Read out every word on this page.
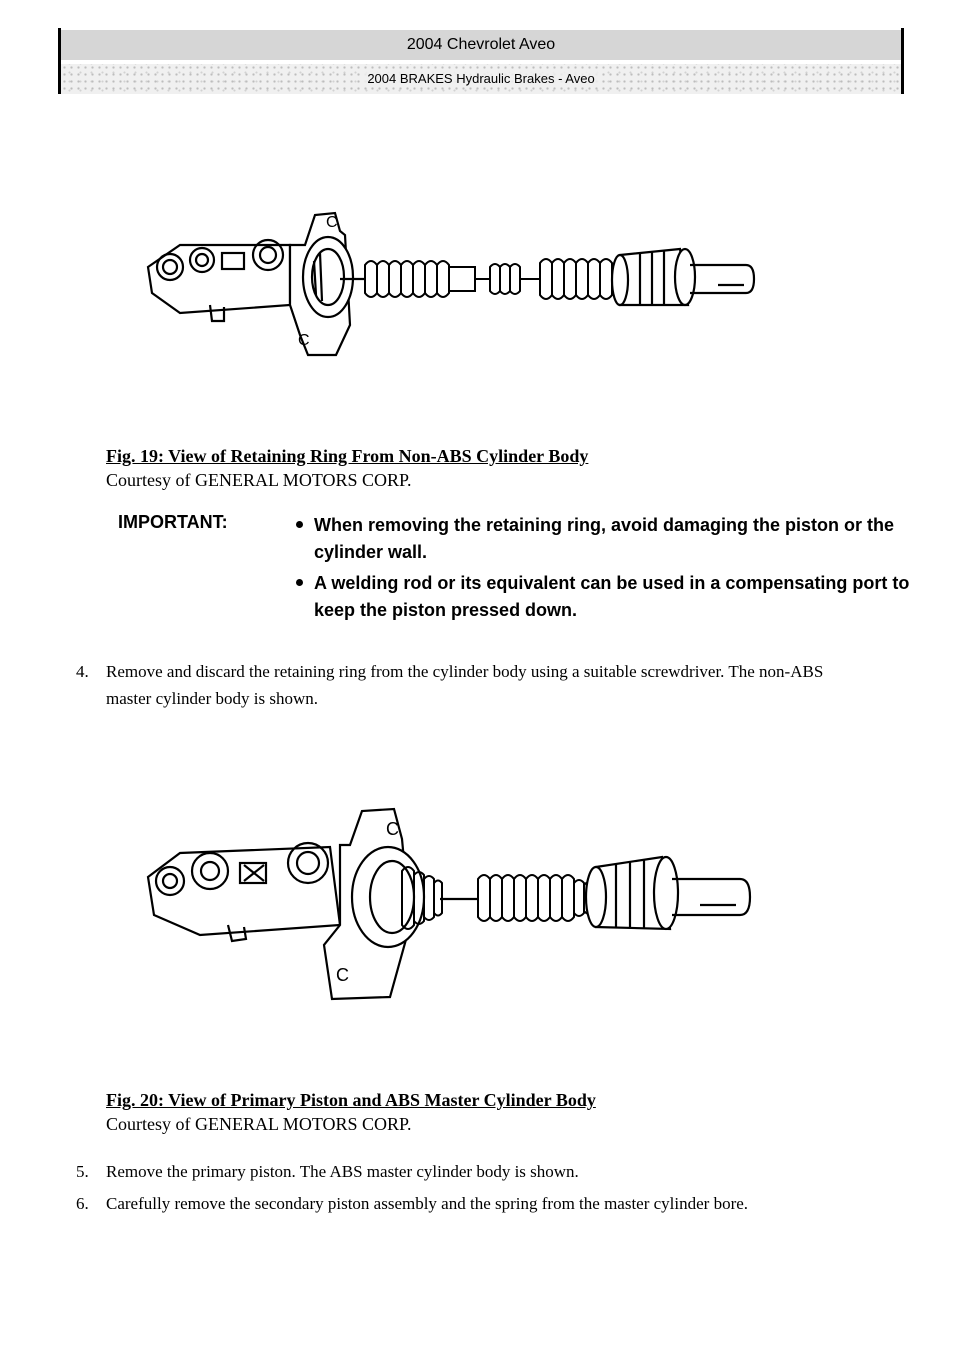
2004 Chevrolet Aveo
2004 BRAKES Hydraulic Brakes - Aveo
C
C
Fig. 19: View of Retaining Ring From Non-ABS Cylinder Body
Courtesy of GENERAL MOTORS CORP.
IMPORTANT:	When removing the retaining ring, avoid damaging the piston or the cylinder wall.
A welding rod or its equivalent can be used in a compensating port to keep the piston pressed down.
4. Remove and discard the retaining ring from the cylinder body using a suitable screwdriver. The non-ABS master cylinder body is shown.
C
C
Fig. 20: View of Primary Piston and ABS Master Cylinder Body
Courtesy of GENERAL MOTORS CORP.
5. Remove the primary piston. The ABS master cylinder body is shown.
6. Carefully remove the secondary piston assembly and the spring from the master cylinder bore.
